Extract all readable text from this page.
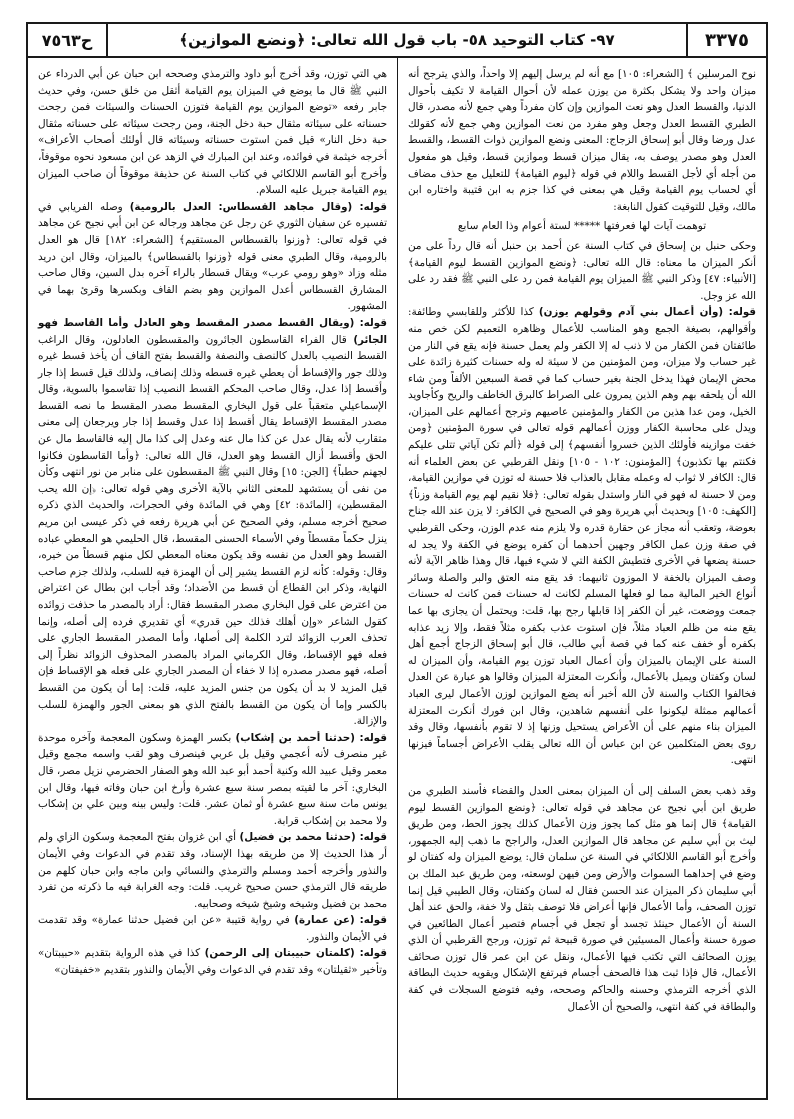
٣٣٧٥
٩٧- كتاب التوحيد ٥٨- باب قول الله تعالى: ﴿ونضع الموازين﴾
ح٧٥٦٣

نوح المرسلين ﴾ [الشعراء: ١٠٥] مع أنه لم يرسل إليهم إلا واحداً، والذي يترجح أنه ميزان واحد ولا يشكل بكثرة من يوزن عمله لأن أحوال القيامة لا تكيف بأحوال الدنيا، والقسط العدل وهو نعت الموازين وإن كان مفرداً وهي جمع لأنه مصدر، قال الطبري القسط العدل وجعل وهو مفرد من نعت الموازين وهي جمع لأنه كقولك عدل ورضا وقال أبو إسحاق الزجاج: المعنى ونضع الموازين ذوات القسط، والقسط العدل وهو مصدر يوصف به، يقال ميزان قسط وموازين قسط، وقيل هو مفعول من أجله أي لأجل القسط واللام في قوله ﴿ليوم القيامة﴾ للتعليل مع حذف مضاف أي لحساب يوم القيامة وقيل هي بمعنى في كذا جزم به ابن قتيبة واختاره ابن مالك، وقيل للتوقيت كقول النابغة:

توهمت آيات لها فعرفتها ***** لستة أعوام وذا العام سابع

وحكى حنبل بن إسحاق في كتاب السنة عن أحمد بن حنبل أنه قال رداً على من أنكر الميزان ما معناه: قال الله تعالى: ﴿ونضع الموازين القسط ليوم القيامة﴾ [الأنبياء: ٤٧] وذكر النبي ﷺ الميزان يوم القيامة فمن رد على النبي ﷺ فقد رد على الله عز وجل.

قوله: (وأن أعمال بني آدم وقولهم يوزن) كذا للأكثر وللقابسي وطائفة: وأقوالهم، بصيغة الجمع وهو المناسب للأعمال وظاهره التعميم لكن خص منه طائفتان فمن الكفار من لا ذنب له إلا الكفر ولم يعمل حسنة فإنه يقع في النار من غير حساب ولا ميزان، ومن المؤمنين من لا سيئة له وله حسنات كثيرة زائدة على محض الإيمان فهذا يدخل الجنة بغير حساب كما في قصة السبعين الألفاً ومن شاء الله أن يلحقه بهم وهم الذين يمرون على الصراط كالبرق الخاطف والريح وكأجاويد الخيل، ومن عدا هذين من الكفار والمؤمنين عاصيهم وترجح أعمالهم على الميزان، ويدل على محاسبة الكفار ووزن أعمالهم قوله تعالى في سورة المؤمنين ﴿ومن خفت موازينه فأولئك الذين خسروا أنفسهم﴾ إلى قوله ﴿ألم تكن آياتي تتلى عليكم فكنتم بها تكذبون﴾ [المؤمنون: ١٠٢ - ١٠٥] ونقل القرطبي عن بعض العلماء أنه قال: الكافر لا ثواب له وعمله مقابل بالعذاب فلا حسنة له توزن في موازين القيامة، ومن لا حسنة له فهو في النار واستدل بقوله تعالى: ﴿فلا نقيم لهم يوم القيامة وزناً﴾ [الكهف: ١٠٥] وبحديث أبي هريرة وهو في الصحيح في الكافر: لا يزن عند الله جناح بعوضة، وتعقب أنه مجاز عن حقارة قدره ولا يلزم منه عدم الوزن، وحكى القرطبي في صفة وزن عمل الكافر وجهين أحدهما أن كفره يوضع في الكفة ولا يجد له حسنة يضعها في الأخرى فتطيش الكفة التي لا شيء فيها، قال وهذا ظاهر الآية لأنه وصف الميزان بالخفة لا الموزون ثانيهما: قد يقع منه العتق والبر والصلة وسائر أنواع الخير المالية مما لو فعلها المسلم لكانت له حسنات فمن كانت له حسنات جمعت ووضعت، غير أن الكفر إذا قابلها رجح بها، قلت: ويحتمل أن يجازى بها عما يقع منه من ظلم العباد مثلاً، فإن استوت عذب بكفره مثلاً فقط، وإلا زيد عذابه بكفره أو خفف عنه كما في قصة أبي طالب، قال أبو إسحاق الزجاج أجمع أهل السنة على الإيمان بالميزان وأن أعمال العباد توزن يوم القيامة، وأن الميزان له لسان وكفتان ويميل بالأعمال، وأنكرت المعتزلة الميزان وقالوا هو عبارة عن العدل فخالفوا الكتاب والسنة لأن الله أخبر أنه يضع الموازين لوزن الأعمال ليرى العباد أعمالهم ممثلة ليكونوا على أنفسهم شاهدين، وقال ابن فورك أنكرت المعتزلة الميزان بناء منهم على أن الأعراض يستحيل وزنها إذ لا تقوم بأنفسها، وقال وقد روى بعض المتكلمين عن ابن عباس أن الله تعالى يقلب الأعراض أجساماً فيزنها انتهى.

وقد ذهب بعض السلف إلى أن الميزان بمعنى العدل والقضاء فأسند الطبري من طريق ابن أبي نجيح عن مجاهد في قوله تعالى: ﴿ونضع الموازين القسط ليوم القيامة﴾ قال إنما هو مثل كما يجوز وزن الأعمال كذلك يجوز الحط، ومن طريق ليث بن أبي سليم عن مجاهد قال الموازين العدل، والراجح ما ذهب إليه الجمهور، وأخرج أبو القاسم اللالكائي في السنة عن سلمان قال: يوضع الميزان وله كفتان لو وضع في إحداهما السموات والأرض ومن فيهن لوسعته، ومن طريق عبد الملك بن أبي سليمان ذكر الميزان عند الحسن فقال له لسان وكفتان، وقال الطيبي قيل إنما توزن الصحف، وأما الأعمال فإنها أعراض فلا توصف بثقل ولا خفة، والحق عند أهل السنة أن الأعمال حينئذ تجسد أو تجعل في أجسام فتصير أعمال الطائعين في صورة حسنة وأعمال المسيئين في صورة قبيحة ثم توزن، ورجح القرطبي أن الذي يوزن الصحائف التي تكتب فيها الأعمال، ونقل عن ابن عمر قال توزن صحائف الأعمال، قال فإذا ثبت هذا فالصحف أجسام فيرتفع الإشكال ويقويه حديث البطاقة الذي أخرجه الترمذي وحسنه والحاكم وصححه، وفيه فتوضع السجلات في كفة والبطاقة في كفة انتهى، والصحيح أن الأعمال

هي التي توزن، وقد أخرج أبو داود والترمذي وصححه ابن حبان عن أبي الدرداء عن النبي ﷺ قال ما يوضع في الميزان يوم القيامة أثقل من خلق حسن، وفي حديث جابر رفعه «توضع الموازين يوم القيامة فتوزن الحسنات والسيئات فمن رجحت حسناته على سيئاته مثقال حبة دخل الجنة، ومن رجحت سيئاته على حسناته مثقال حبة دخل النار» قيل فمن استوت حسناته وسيئاته قال أولئك أصحاب الأعراف» أخرجه خيثمة في فوائده، وعند ابن المبارك في الزهد عن ابن مسعود نحوه موقوفاً، وأخرج أبو القاسم اللالكائي في كتاب السنة عن حذيفة موقوفاً أن صاحب الميزان يوم القيامة جبريل عليه السلام.

قوله: (وقال مجاهد القسطاس: العدل بالرومية) وصله الفريابي في تفسيره عن سفيان الثوري عن رجل عن مجاهد ورجاله عن ابن أبي نجيح عن مجاهد في قوله تعالى: ﴿وزنوا بالقسطاس المستقيم﴾ [الشعراء: ١٨٢] قال هو العدل بالرومية، وقال الطبري معنى قوله ﴿وزنوا بالقسطاس﴾ بالميزان، وقال ابن دريد مثله وزاد «وهو رومي عرب» ويقال قسطار بالراء آخره بدل السين، وقال صاحب المشارق القسطاس أعدل الموازين وهو بضم القاف وبكسرها وقرئ بهما في المشهور.

قوله: (ويقال القسط مصدر المقسط وهو العادل وأما القاسط فهو الجائر) قال الفراء القاسطون الجائرون والمقسطون العادلون، وقال الراغب القسط النصيب بالعدل كالنصف والنصفة والقسط بفتح القاف أن يأخذ قسط غيره وذلك جور والإقساط أن يعطي غيره قسطه وذلك إنصاف، ولذلك قيل قسط إذا جار وأقسط إذا عدل، وقال صاحب المحكم القسط النصيب إذا تقاسموا بالسوية، وقال الإسماعيلي متعقباً على قول البخاري المقسط مصدر المقسط ما نصه القسط مصدر المقسط الإقساط يقال أقسط إذا عدل وقسط إذا جار ويرجعان إلى معنى متقارب لأنه يقال عدل عن كذا مال عنه وعدل إلى كذا مال إليه فالقاسط مال عن الحق وأقسط أزال القسط وهو العدل، قال الله تعالى: ﴿وأما القاسطون فكانوا لجهنم حطباً﴾ [الجن: ١٥] وقال النبي ﷺ المقسطون على منابر من نور انتهى وكأن من نفى أن يستشهد للمعنى الثاني بالآية الأخرى وهي قوله تعالى: ﴿إن الله يحب المقسطين﴾ [المائدة: ٤٢] وهي في المائدة وفي الحجرات، والحديث الذي ذكره صحيح أخرجه مسلم، وفي الصحيح عن أبي هريرة رفعه في ذكر عيسى ابن مريم ينزل حكماً مقسطاً وفي الأسماء الحسنى المقسط، قال الحليمي هو المعطي عباده القسط وهو العدل من نفسه وقد يكون معناه المعطي لكل منهم قسطاً من خيره، وقال: وقوله: كأنه لزم القسط يشير إلى أن الهمزة فيه للسلب، ولذلك جزم صاحب النهاية، وذكر ابن القطاع أن قسط من الأضداد؛ وقد أجاب ابن بطال عن اعتراض من اعترض على قول البخاري مصدر المقسط فقال: أراد بالمصدر ما حذفت زوائده كقول الشاعر «وإن أهلك فذلك حين قدري» أي تقديري فرده إلى أصله، وإنما تحذف العرب الزوائد لترد الكلمة إلى أصلها، وأما المصدر المقسط الجاري على فعله فهو الإقساط، وقال الكرماني المراد بالمصدر المحذوف الزوائد نظراً إلى أصله، فهو مصدر مصدره إذا لا خفاء أن المصدر الجاري على فعله هو الإقساط فإن قيل المزيد لا بد أن يكون من جنس المزيد عليه، قلت: إما أن يكون من القسط بالكسر وإما أن يكون من القسط بالفتح الذي هو بمعنى الجور والهمزة للسلب والإزالة.

قوله: (حدثنا أحمد بن إشكاب) بكسر الهمزة وسكون المعجمة وآخره موحدة غير منصرف لأنه أعجمي وقيل بل عربي فينصرف وهو لقب واسمه مجمع وقيل معمر وقيل عبيد الله وكنية أحمد أبو عبد الله وهو الصفار الحضرمي نزيل مصر، قال البخاري: آخر ما لقيته بمصر سنة سبع عشرة وأرخ ابن حبان وفاته فيها، وقال ابن يونس مات سنة سبع عشرة أو ثمان عشر. قلت: وليس بينه وبين علي بن إشكاب ولا محمد بن إشكاب قرابة.

قوله: (حدثنا محمد بن فضيل) أي ابن غزوان بفتح المعجمة وسكون الزاي ولم أر هذا الحديث إلا من طريقه بهذا الإسناد، وقد تقدم في الدعوات وفي الأيمان والنذور وأخرجه أحمد ومسلم والترمذي والنسائي وابن ماجه وابن حبان كلهم من طريقه قال الترمذي حسن صحيح غريب. قلت: وجه الغرابة فيه ما ذكرته من تفرد محمد بن فضيل وشيخه وشيخ شيخه وصحابيه.

قوله: (عن عمارة) في رواية قتيبة «عن ابن فضيل حدثنا عمارة» وقد تقدمت في الأيمان والنذور.

قوله: (كلمتان حبيبتان إلى الرحمن) كذا في هذه الرواية بتقديم «حبيبتان» وتأخير «ثقيلتان» وقد تقدم في الدعوات وفي الأيمان والنذور بتقديم «خفيفتان»
